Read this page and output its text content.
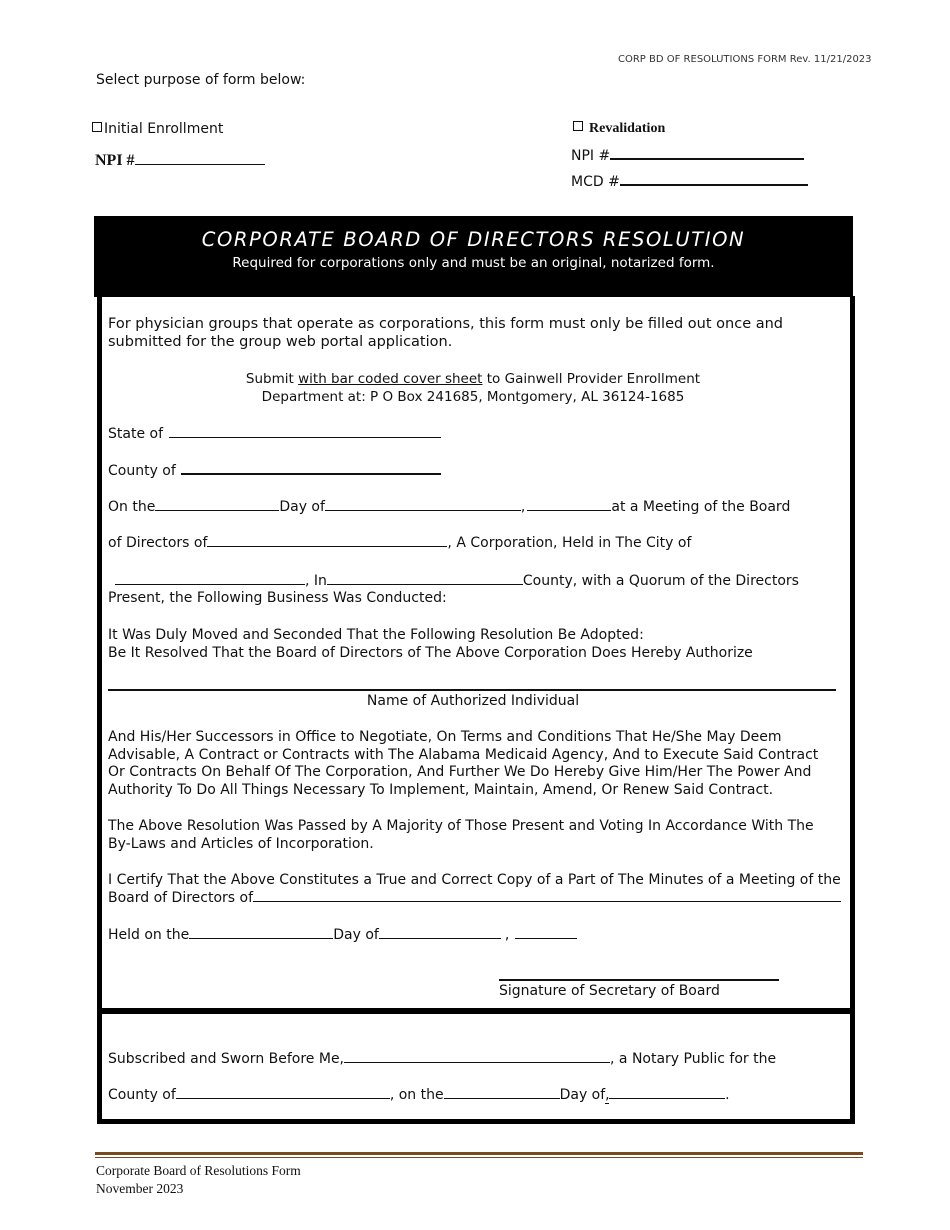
CORP BD OF RESOLUTIONS FORM Rev. 11/21/2023
Select purpose of form below:
Initial Enrollment
NPI #
Revalidation
NPI #
MCD #
CORPORATE BOARD OF DIRECTORS RESOLUTION
Required for corporations only and must be an original, notarized form.
For physician groups that operate as corporations, this form must only be filled out once and submitted for the group web portal application.
Submit with bar coded cover sheet to Gainwell Provider Enrollment
Department at: P O Box 241685, Montgomery, AL 36124-1685
State of
County of
On the	Day of	,	at a Meeting of the Board
of Directors of	, A Corporation, Held in The City of
, In	County, with a Quorum of the Directors
Present, the Following Business Was Conducted:
It Was Duly Moved and Seconded That the Following Resolution Be Adopted:
Be It Resolved That the Board of Directors of The Above Corporation Does Hereby Authorize
Name of Authorized Individual
And His/Her Successors in Office to Negotiate, On Terms and Conditions That He/She May Deem Advisable, A Contract or Contracts with The Alabama Medicaid Agency, And to Execute Said Contract Or Contracts On Behalf Of The Corporation, And Further We Do Hereby Give Him/Her The Power And Authority To Do All Things Necessary To Implement, Maintain, Amend, Or Renew Said Contract.
The Above Resolution Was Passed by A Majority of Those Present and Voting In Accordance With The By-Laws and Articles of Incorporation.
I Certify That the Above Constitutes a True and Correct Copy of a Part of The Minutes of a Meeting of the
Board of Directors of
Held on the	Day of	,
Signature of Secretary of Board
Subscribed and Sworn Before Me,	, a Notary Public for the
County of	, on the	Day of,	.
Corporate Board of Resolutions Form
November 2023
